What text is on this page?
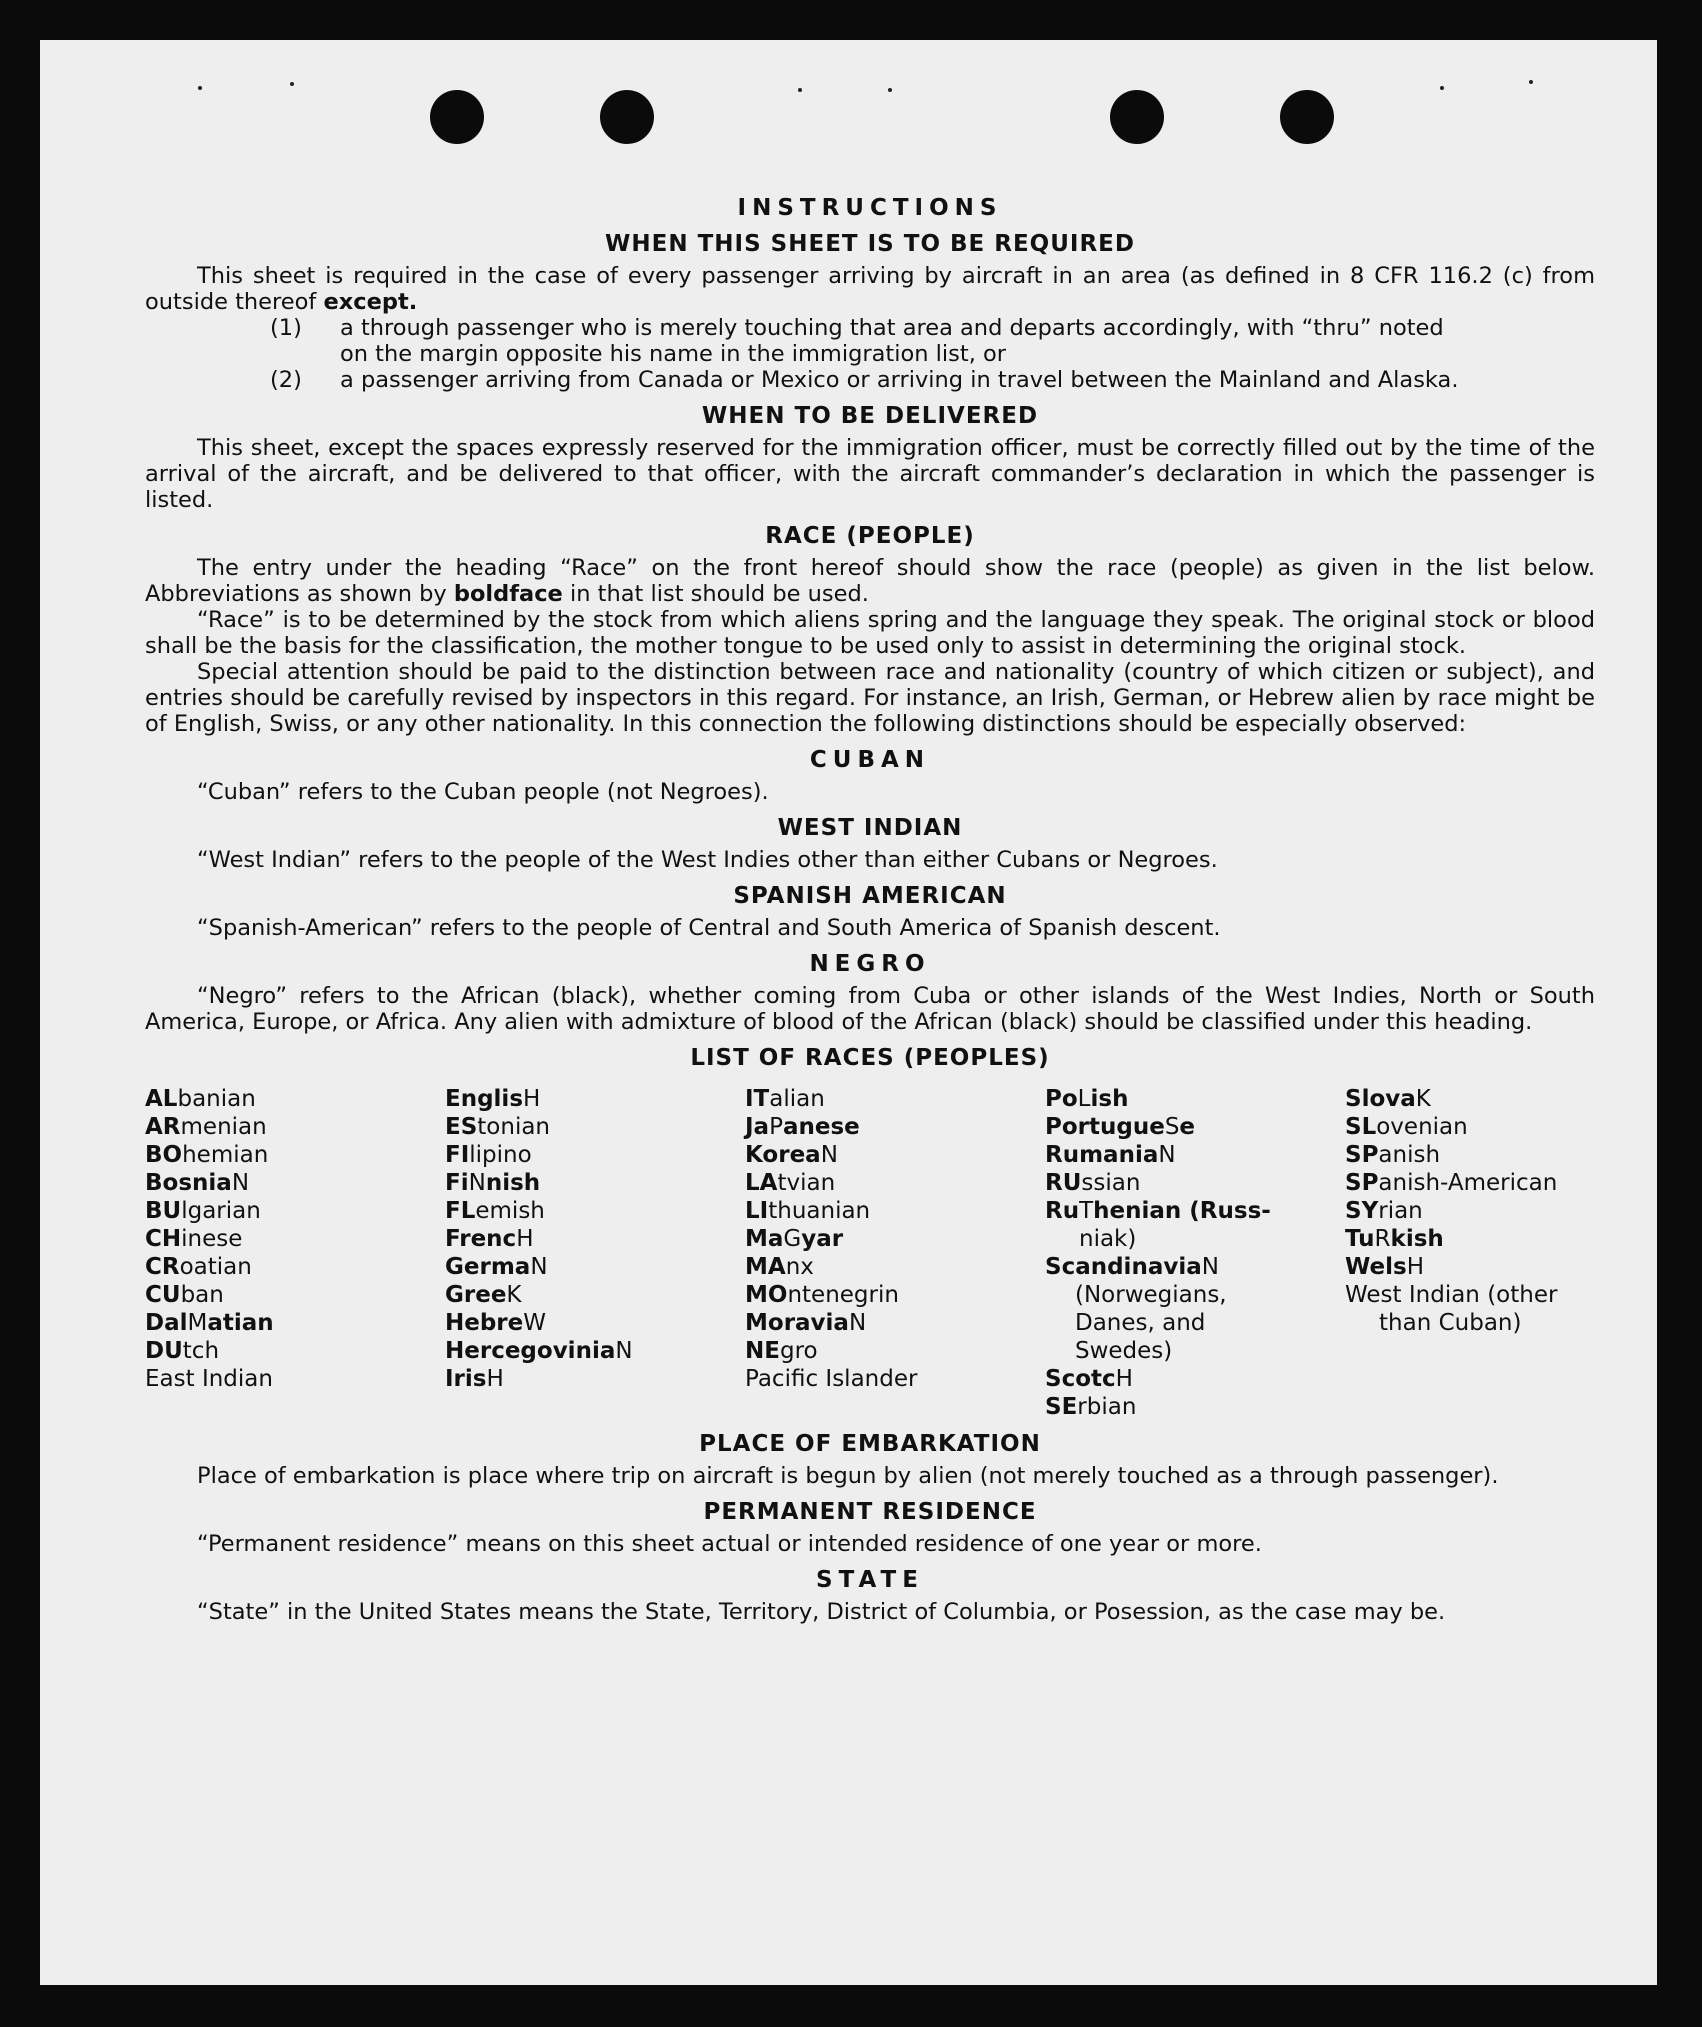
INSTRUCTIONS
WHEN THIS SHEET IS TO BE REQUIRED

This sheet is required in the case of every passenger arriving by aircraft in an area (as defined in 8 CFR 116.2 (c) from outside thereof except.

(1)	a through passenger who is merely touching that area and departs accordingly, with “thru” noted
on the margin opposite his name in the immigration list, or
(2)	a passenger arriving from Canada or Mexico or arriving in travel between the Mainland and Alaska.
WHEN TO BE DELIVERED

This sheet, except the spaces expressly reserved for the immigration officer, must be correctly filled out by the time of the arrival of the aircraft, and be delivered to that officer, with the aircraft commander’s declaration in which the passenger is listed.

RACE (PEOPLE)

The entry under the heading “Race” on the front hereof should show the race (people) as given in the list below. Abbreviations as shown by boldface in that list should be used.

“Race” is to be determined by the stock from which aliens spring and the language they speak. The original stock or blood shall be the basis for the classification, the mother tongue to be used only to assist in determining the original stock.

Special attention should be paid to the distinction between race and nationality (country of which citizen or subject), and entries should be carefully revised by inspectors in this regard. For instance, an Irish, German, or Hebrew alien by race might be of English, Swiss, or any other nationality. In this connection the following distinctions should be especially observed:

CUBAN

“Cuban” refers to the Cuban people (not Negroes).

WEST INDIAN

“West Indian” refers to the people of the West Indies other than either Cubans or Negroes.

SPANISH AMERICAN

“Spanish-American” refers to the people of Central and South America of Spanish descent.

NEGRO

“Negro” refers to the African (black), whether coming from Cuba or other islands of the West Indies, North or South America, Europe, or Africa. Any alien with admixture of blood of the African (black) should be classified under this heading.

LIST OF RACES (PEOPLES)
ALbanian
ARmenian
BOhemian
BosniaN
BUlgarian
CHinese
CRoatian
CUban
DalMatian
DUtch
East Indian
EnglisH
EStonian
FIlipino
FiNnish
FLemish
FrencH
GermaN
GreeK
HebreW
HercegoviniaN
IrisH
ITalian
JaPanese
KoreaN
LAtvian
LIthuanian
MaGyar
MAnx
MOntenegrin
MoraviaN
NEgro
Pacific Islander
PoLish
PortugueSe
RumaniaN
RUssian
RuThenian (Russ-
niak)
ScandinaviaN
(Norwegians,
Danes, and
Swedes)
ScotcH
SErbian
SlovaK
SLovenian
SPanish
SPanish-American
SYrian
TuRkish
WelsH
West Indian (other
than Cuban)
PLACE OF EMBARKATION

Place of embarkation is place where trip on aircraft is begun by alien (not merely touched as a through passenger).

PERMANENT RESIDENCE

“Permanent residence” means on this sheet actual or intended residence of one year or more.

STATE

“State” in the United States means the State, Territory, District of Columbia, or Posession, as the case may be.
